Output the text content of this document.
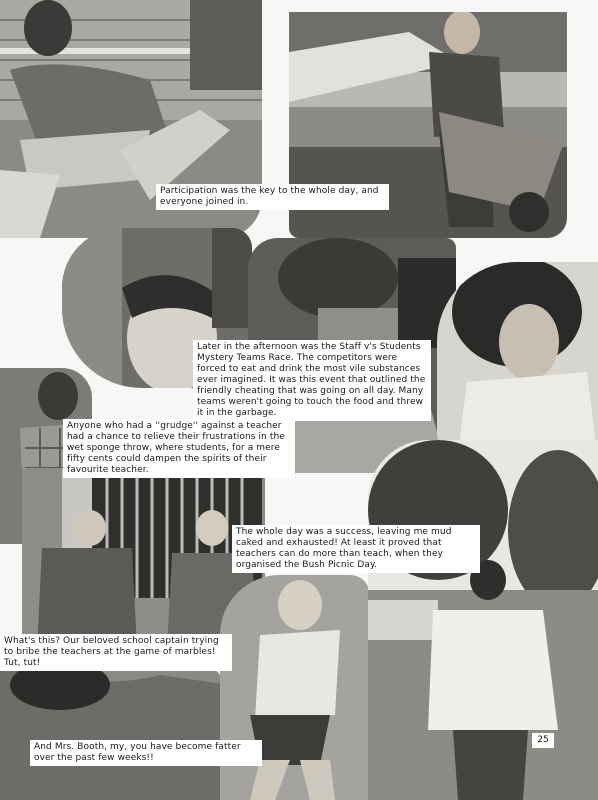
Participation was the key to the whole day, and everyone joined in.
Later in the afternoon was the Staff v's Students Mystery Teams Race. The competitors were forced to eat and drink the most vile substances ever imagined. It was this event that outlined the friendly cheating that was going on all day. Many teams weren't going to touch the food and threw it in the garbage.
Anyone who had a ''grudge'' against a teacher had a chance to relieve their frustrations in the wet sponge throw, where students, for a mere fifty cents could dampen the spirits of their favourite teacher.
The whole day was a success, leaving me mud caked and exhausted! At least it proved that teachers can do more than teach, when they organised the Bush Picnic Day.
What's this? Our beloved school captain trying to bribe the teachers at the game of marbles! Tut, tut!
And Mrs. Booth, my, you have become fatter over the past few weeks!!
25
